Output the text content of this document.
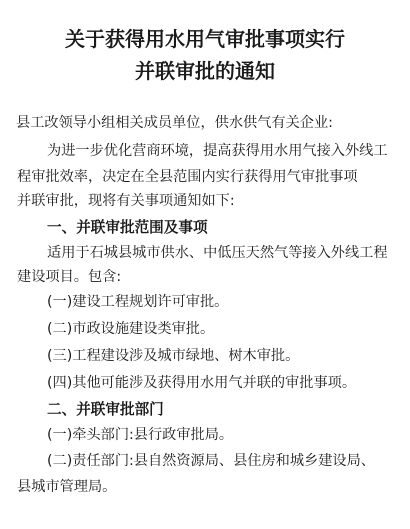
关于获得用水用气审批事项实行
并联审批的通知
县工改领导小组相关成员单位，供水供气有关企业:
为进一步优化营商环境，提高获得用水用气接入外线工
程审批效率，决定在全县范围内实行获得用气审批事项
并联审批，现将有关事项通知如下:
一、并联审批范围及事项
适用于石城县城市供水、中低压天然气等接入外线工程
建设项目。包含:
(一)建设工程规划许可审批。
(二)市政设施建设类审批。
(三)工程建设涉及城市绿地、树木审批。
(四)其他可能涉及获得用水用气并联的审批事项。
二、并联审批部门
(一)牵头部门:县行政审批局。
(二)责任部门:县自然资源局、县住房和城乡建设局、
县城市管理局。
